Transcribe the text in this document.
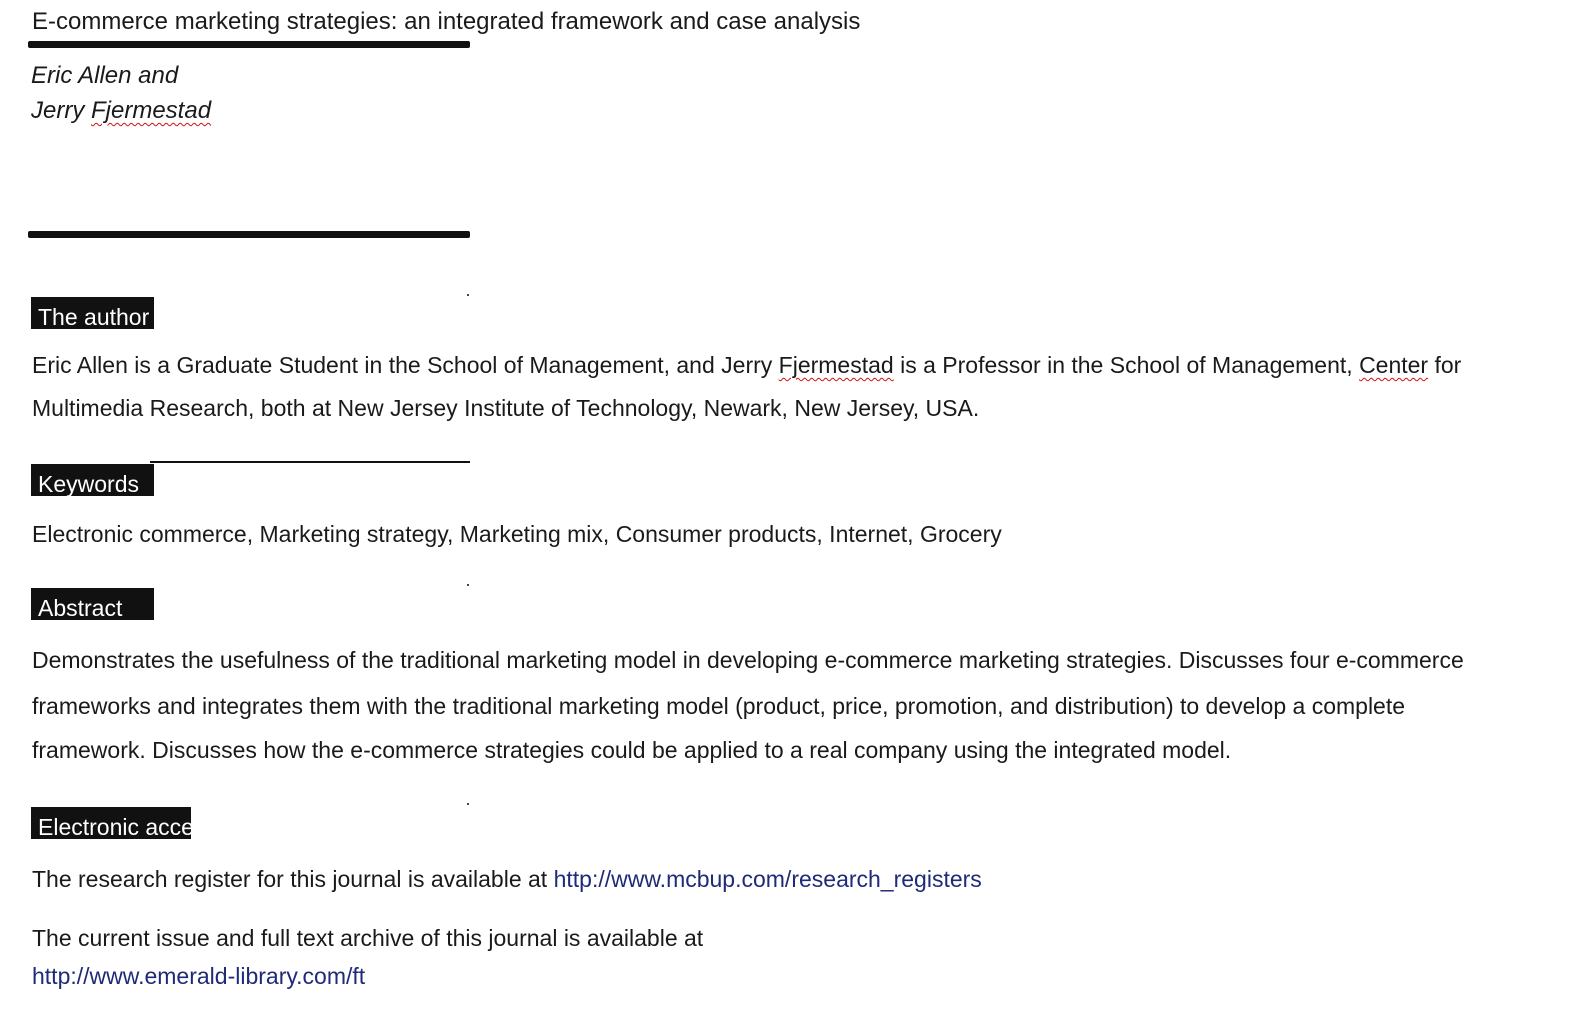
E-commerce marketing strategies: an integrated framework and case analysis
Eric Allen and
Jerry Fjermestad
The author
Eric Allen is a Graduate Student in the School of Management, and Jerry Fjermestad is a Professor in the School of Management, Center for
Multimedia Research, both at New Jersey Institute of Technology, Newark, New Jersey, USA.
Keywords
Electronic commerce, Marketing strategy, Marketing mix, Consumer products, Internet, Grocery
Abstract
Demonstrates the usefulness of the traditional marketing model in developing e-commerce marketing strategies. Discusses four e-commerce
frameworks and integrates them with the traditional marketing model (product, price, promotion, and distribution) to develop a complete
framework. Discusses how the e-commerce strategies could be applied to a real company using the integrated model.
Electronic access
The research register for this journal is available at http://www.mcbup.com/research_registers
The current issue and full text archive of this journal is available at
http://www.emerald-library.com/ft
